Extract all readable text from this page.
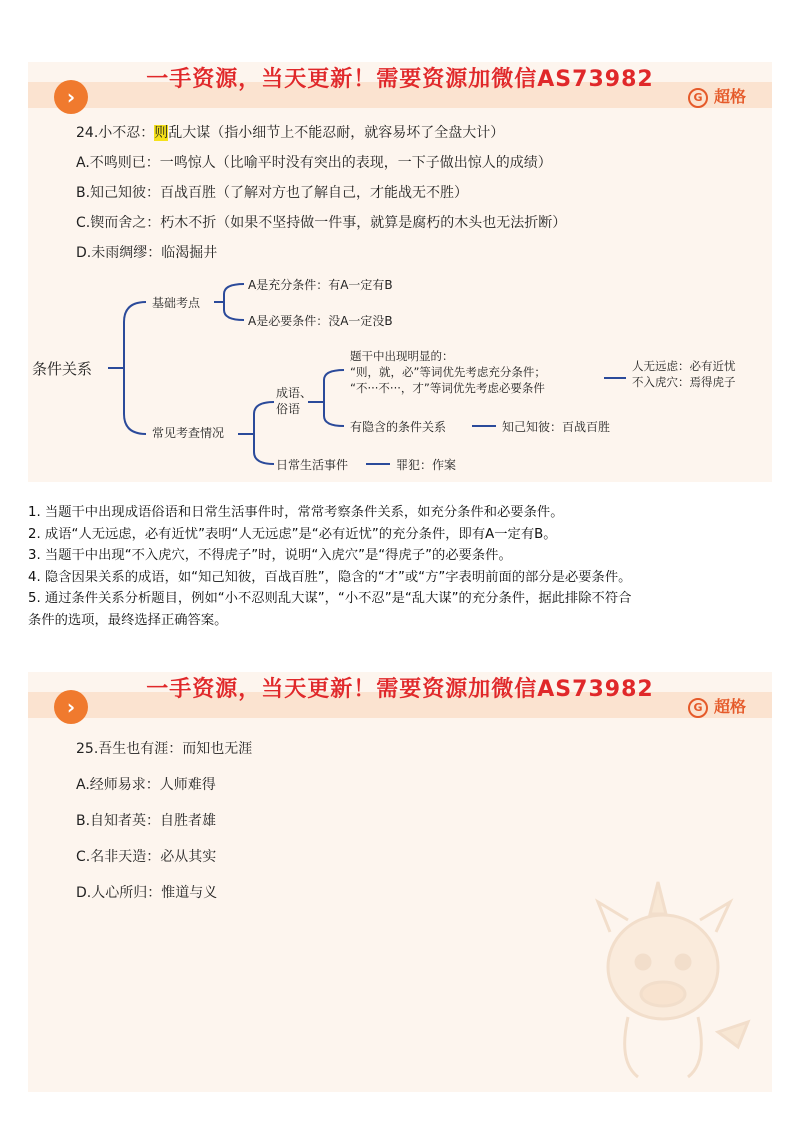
一手资源，当天更新！需要资源加微信AS73982
›	G 超格
24.小不忍：则乱大谋（指小细节上不能忍耐，就容易坏了全盘大计）
A.不鸣则已：一鸣惊人（比喻平时没有突出的表现，一下子做出惊人的成绩）
B.知己知彼：百战百胜（了解对方也了解自己，才能战无不胜）
C.锲而舍之：朽木不折（如果不坚持做一件事，就算是腐朽的木头也无法折断）
D.未雨绸缪：临渴掘井
条件关系
基础考点
A是充分条件：有A一定有B
A是必要条件：没A一定没B
常见考查情况
成语、
俗语
题干中出现明显的：
“则，就，必”等词优先考虑充分条件；
“不···不···，才”等词优先考虑必要条件
人无远虑：必有近忧
不入虎穴：焉得虎子
有隐含的条件关系	知己知彼：百战百胜
日常生活事件	罪犯：作案
1. 当题干中出现成语俗语和日常生活事件时，常常考察条件关系，如充分条件和必要条件。
2. 成语“人无远虑，必有近忧”表明“人无远虑”是“必有近忧”的充分条件，即有A一定有B。
3. 当题干中出现“不入虎穴，不得虎子”时，说明“入虎穴”是“得虎子”的必要条件。
4. 隐含因果关系的成语，如“知己知彼，百战百胜”，隐含的“才”或“方”字表明前面的部分是必要条件。
5. 通过条件关系分析题目，例如“小不忍则乱大谋”，“小不忍”是“乱大谋”的充分条件，据此排除不符合
条件的选项，最终选择正确答案。
一手资源，当天更新！需要资源加微信AS73982
›	G 超格
25.吾生也有涯：而知也无涯
A.经师易求：人师难得
B.自知者英：自胜者雄
C.名非天造：必从其实
D.人心所归：惟道与义
